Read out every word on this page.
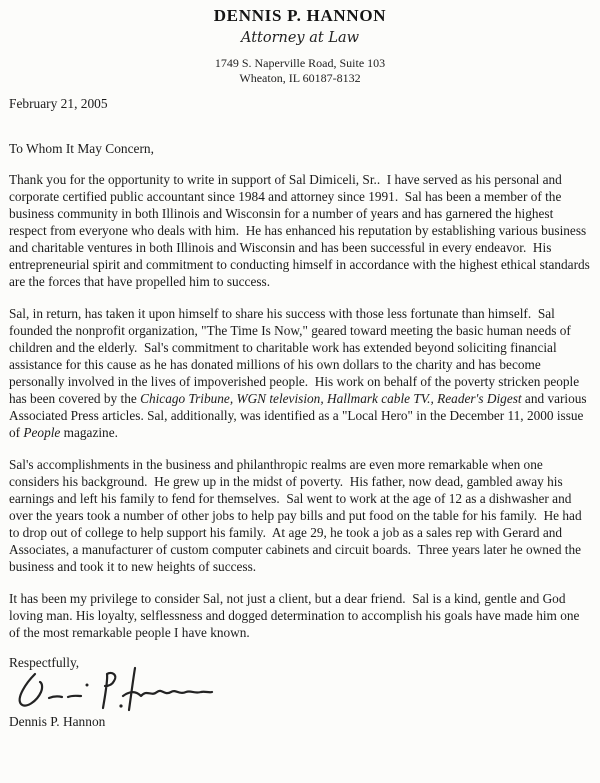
DENNIS P. HANNON
Attorney at Law
1749 S. Naperville Road, Suite 103
Wheaton, IL 60187-8132
February 21, 2005
To Whom It May Concern,

Thank you for the opportunity to write in support of Sal Dimiceli, Sr..  I have served as his personal and corporate certified public accountant since 1984 and attorney since 1991.  Sal has been a member of the business community in both Illinois and Wisconsin for a number of years and has garnered the highest respect from everyone who deals with him.  He has enhanced his reputation by establishing various business and charitable ventures in both Illinois and Wisconsin and has been successful in every endeavor.  His entrepreneurial spirit and commitment to conducting himself in accordance with the highest ethical standards are the forces that have propelled him to success.

Sal, in return, has taken it upon himself to share his success with those less fortunate than himself.  Sal founded the nonprofit organization, "The Time Is Now," geared toward meeting the basic human needs of children and the elderly.  Sal's commitment to charitable work has extended beyond soliciting financial assistance for this cause as he has donated millions of his own dollars to the charity and has become personally involved in the lives of impoverished people.  His work on behalf of the poverty stricken people has been covered by the Chicago Tribune, WGN television, Hallmark cable TV., Reader's Digest and various Associated Press articles. Sal, additionally, was identified as a "Local Hero" in the December 11, 2000 issue of People magazine.

Sal's accomplishments in the business and philanthropic realms are even more remarkable when one considers his background.  He grew up in the midst of poverty.  His father, now dead, gambled away his earnings and left his family to fend for themselves.  Sal went to work at the age of 12 as a dishwasher and over the years took a number of other jobs to help pay bills and put food on the table for his family.  He had to drop out of college to help support his family.  At age 29, he took a job as a sales rep with Gerard and Associates, a manufacturer of custom computer cabinets and circuit boards.  Three years later he owned the business and took it to new heights of success.

It has been my privilege to consider Sal, not just a client, but a dear friend.  Sal is a kind, gentle and God loving man. His loyalty, selflessness and dogged determination to accomplish his goals have made him one of the most remarkable people I have known.

Respectfully,
Dennis P. Hannon
